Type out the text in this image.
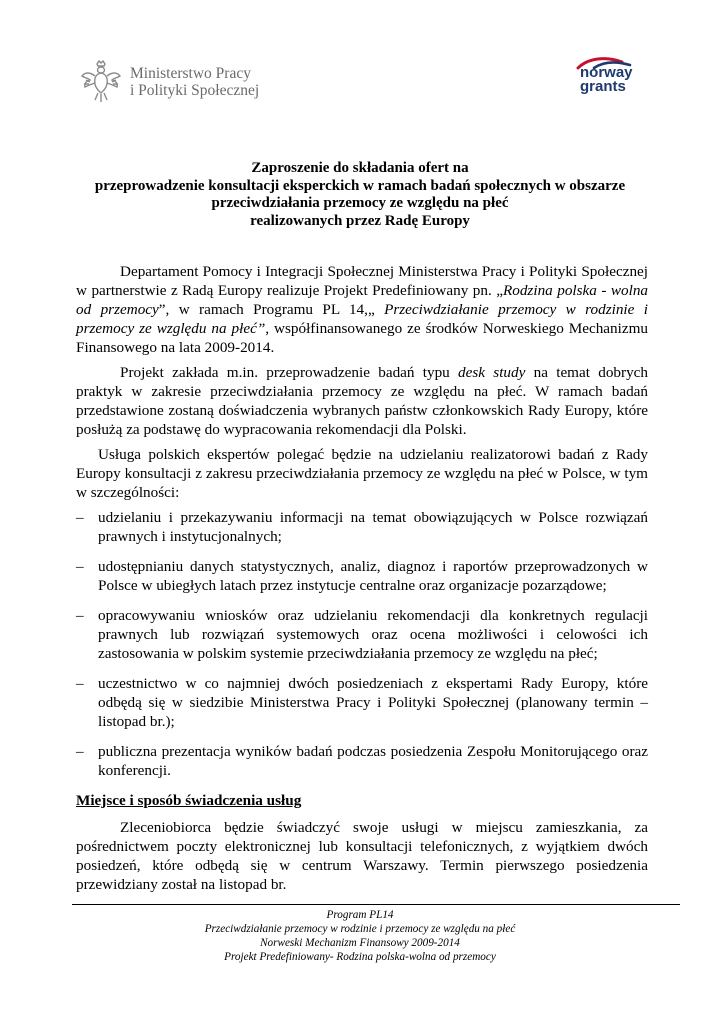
Ministerstwo Pracy
i Polityki Społecznej
norway
grants
Zaproszenie do składania ofert na
przeprowadzenie konsultacji eksperckich w ramach badań społecznych w obszarze
przeciwdziałania przemocy ze względu na płeć
realizowanych przez Radę Europy

Departament Pomocy i Integracji Społecznej Ministerstwa Pracy i Polityki Społecznej w partnerstwie z Radą Europy realizuje Projekt Predefiniowany pn. „Rodzina polska - wolna od przemocy”, w ramach Programu PL 14,„ Przeciwdziałanie przemocy w rodzinie i przemocy ze względu na płeć”, współfinansowanego ze środków Norweskiego Mechanizmu Finansowego na lata 2009-2014.

Projekt zakłada m.in. przeprowadzenie badań typu desk study na temat dobrych praktyk w zakresie przeciwdziałania przemocy ze względu na płeć. W ramach badań przedstawione zostaną doświadczenia wybranych państw członkowskich Rady Europy, które posłużą za podstawę do wypracowania rekomendacji dla Polski.

Usługa polskich ekspertów polegać będzie na udzielaniu realizatorowi badań z Rady Europy konsultacji z zakresu przeciwdziałania przemocy ze względu na płeć w Polsce, w tym w szczególności:

– udzielaniu i przekazywaniu informacji na temat obowiązujących w Polsce rozwiązań prawnych i instytucjonalnych;
– udostępnianiu danych statystycznych, analiz, diagnoz i raportów przeprowadzonych w Polsce w ubiegłych latach przez instytucje centralne oraz organizacje pozarządowe;
– opracowywaniu wniosków oraz udzielaniu rekomendacji dla konkretnych regulacji prawnych lub rozwiązań systemowych oraz ocena możliwości i celowości ich zastosowania w polskim systemie przeciwdziałania przemocy ze względu na płeć;
– uczestnictwo w co najmniej dwóch posiedzeniach z ekspertami Rady Europy, które odbędą się w siedzibie Ministerstwa Pracy i Polityki Społecznej (planowany termin – listopad br.);
– publiczna prezentacja wyników badań podczas posiedzenia Zespołu Monitorującego oraz konferencji.
Miejsce i sposób świadczenia usług

Zleceniobiorca będzie świadczyć swoje usługi w miejscu zamieszkania, za pośrednictwem poczty elektronicznej lub konsultacji telefonicznych, z wyjątkiem dwóch posiedzeń, które odbędą się w centrum Warszawy. Termin pierwszego posiedzenia przewidziany został na listopad br.

Program PL14
Przeciwdziałanie przemocy w rodzinie i przemocy ze względu na płeć
Norweski Mechanizm Finansowy 2009-2014
Projekt Predefiniowany- Rodzina polska-wolna od przemocy
